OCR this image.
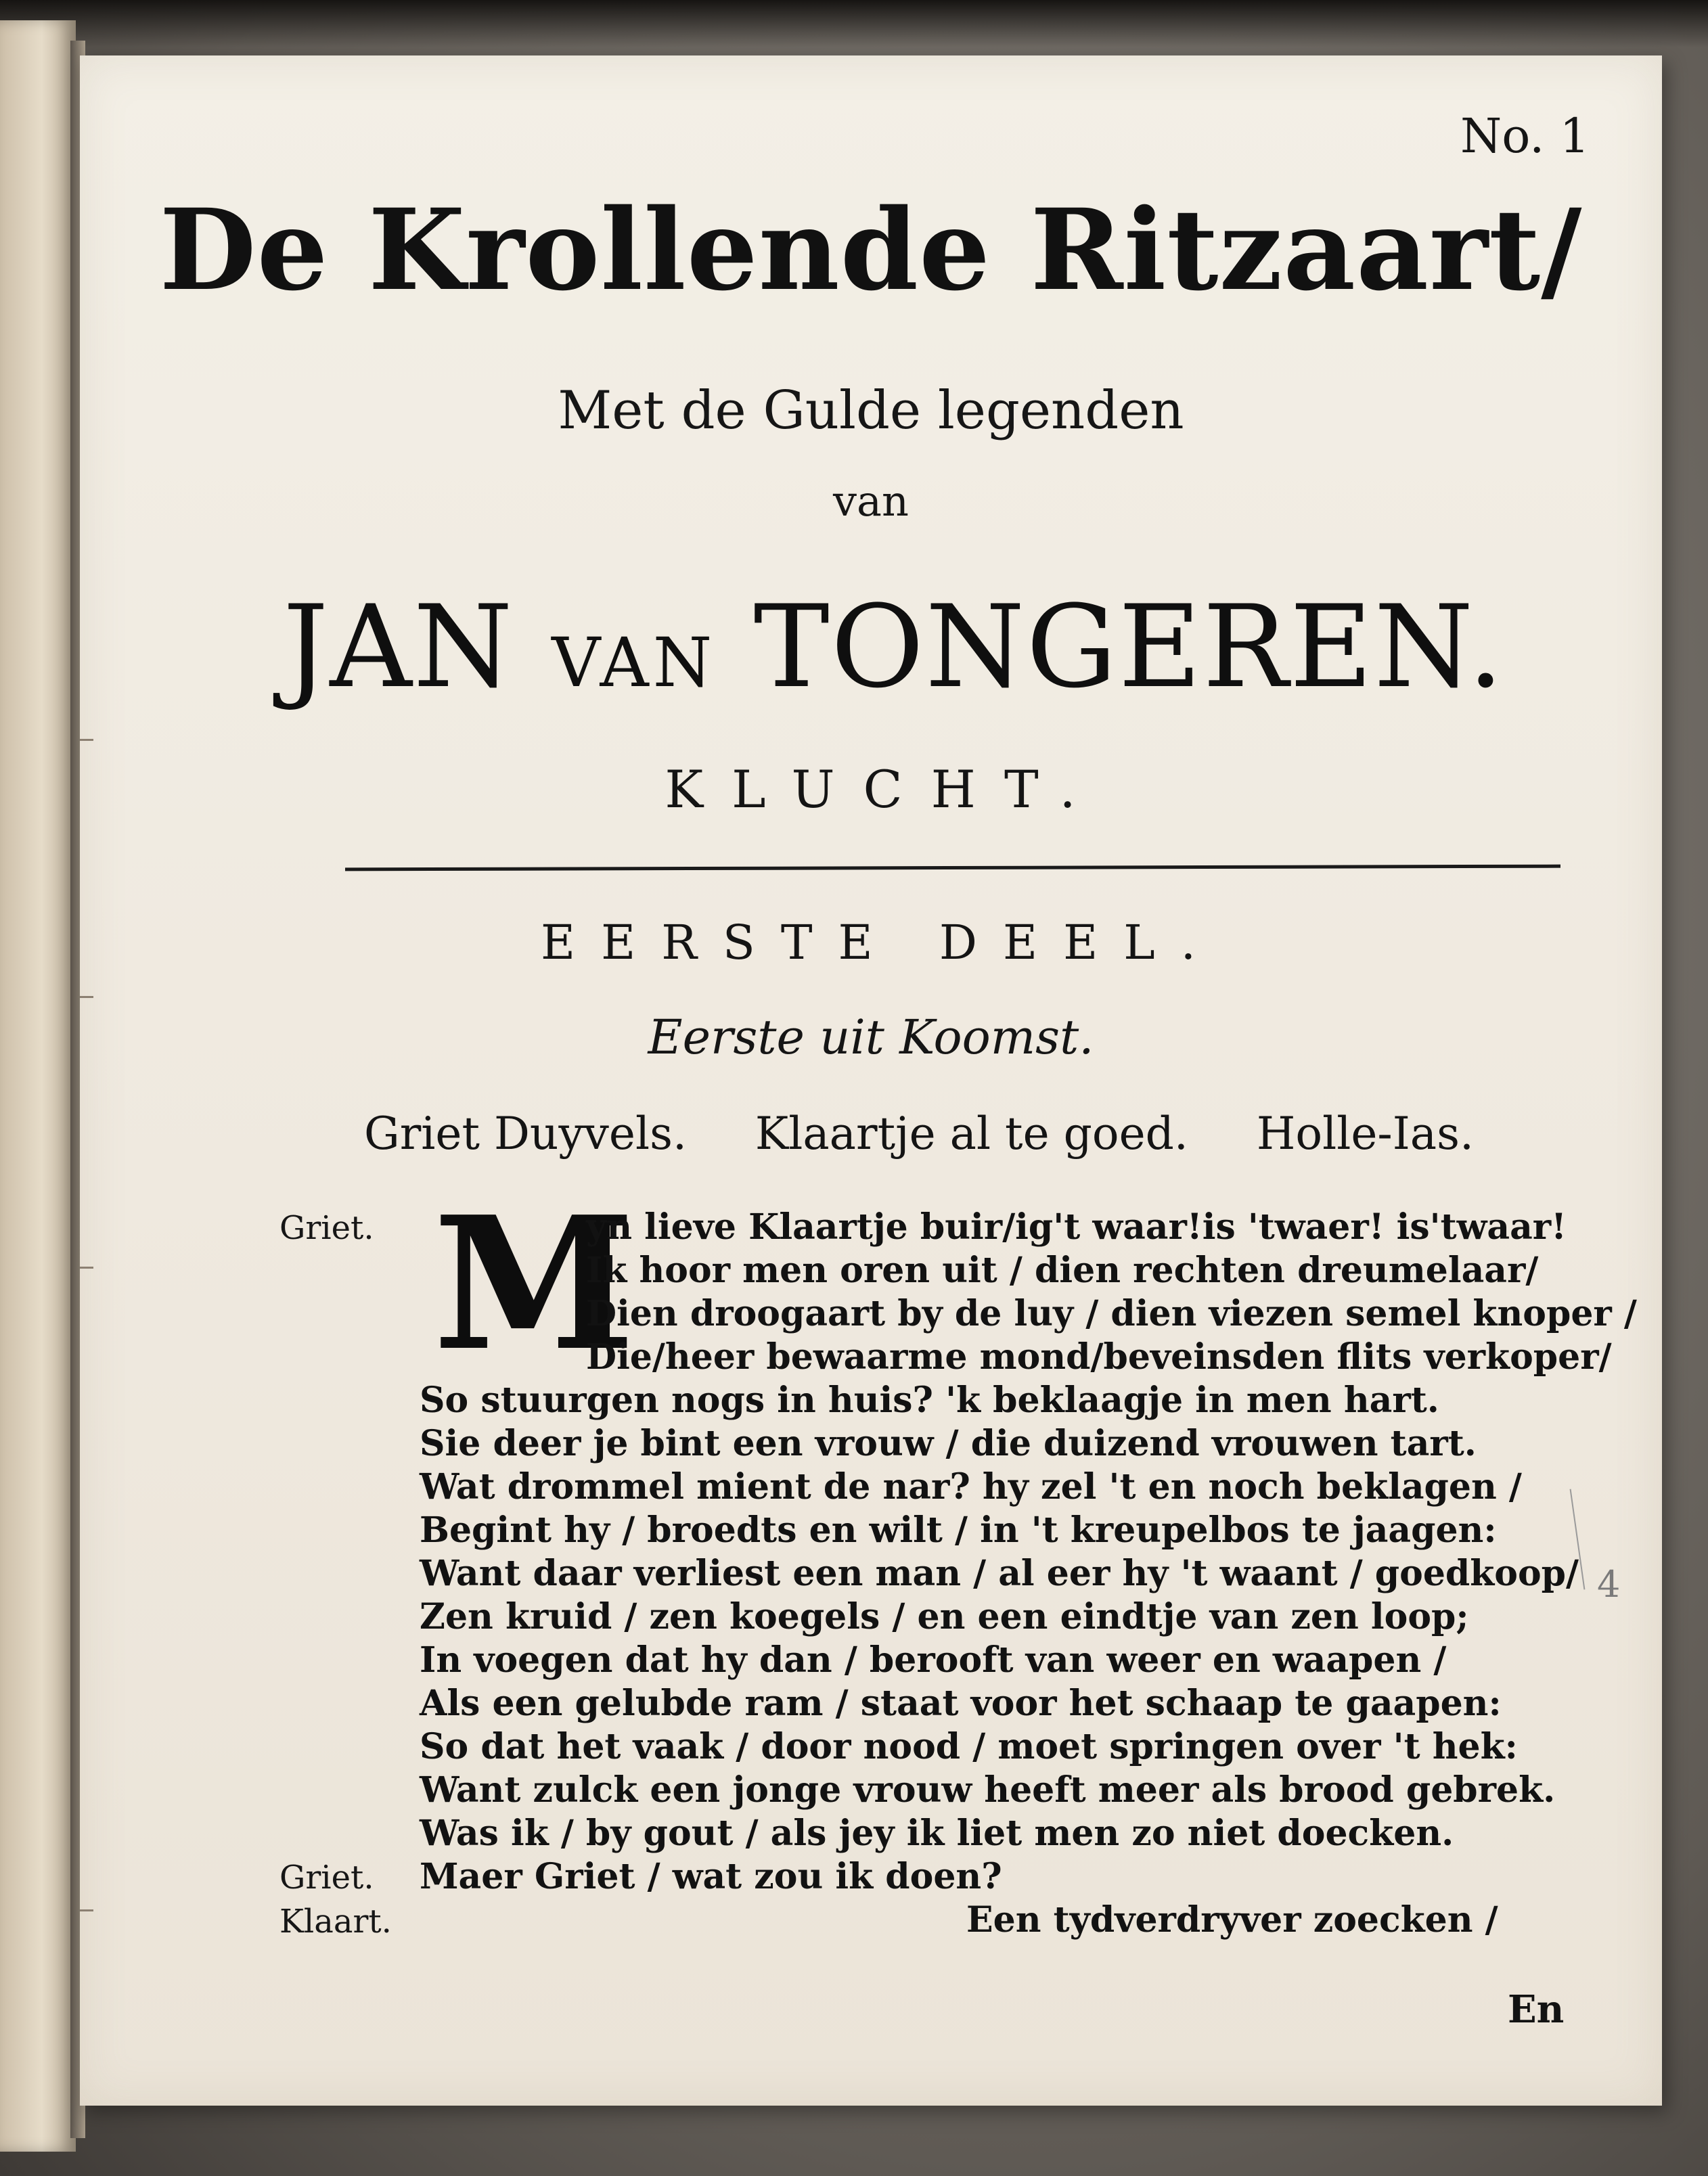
No. 1
De Krollende Ritzaart/
Met de Gulde legenden
van
JAN VAN TONGEREN.
KLUCHT.
EERSTE DEEL.
Eerste uit Koomst.
Griet Duyvels. Klaartje al te goed. Holle-Ias.
Griet. M
yn lieve Klaartje buir/ig't waar!is 'twaer! is'twaar!
Ik hoor men oren uit / dien rechten dreumelaar/
Dien droogaart by de luy / dien viezen semel knoper /
Die/heer bewaarme mond/beveinsden flits verkoper/
So stuurgen nogs in huis? 'k beklaagje in men hart.
Sie deer je bint een vrouw / die duizend vrouwen tart.
Wat drommel mient de nar? hy zel 't en noch beklagen /
Begint hy / broedts en wilt / in 't kreupelbos te jaagen:
Want daar verliest een man / al eer hy 't waant / goedkoop/
Zen kruid / zen koegels / en een eindtje van zen loop;
In voegen dat hy dan / berooft van weer en waapen /
Als een gelubde ram / staat voor het schaap te gaapen:
So dat het vaak / door nood / moet springen over 't hek:
Want zulck een jonge vrouw heeft meer als brood gebrek.
Was ik / by gout / als jey ik liet men zo niet doecken.
Griet. Maer Griet / wat zou ik doen?
Klaart.	Een tydverdryver zoecken /
En
4
